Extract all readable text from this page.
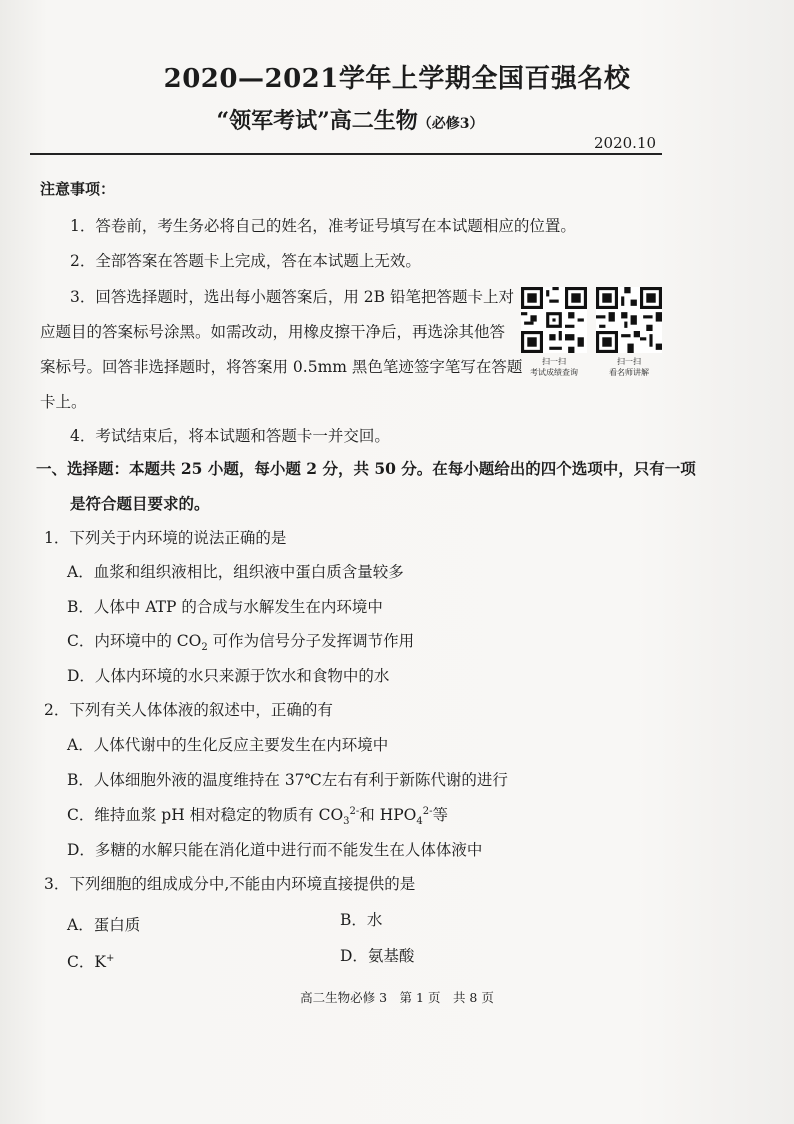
2020—2021学年上学期全国百强名校
“领军考试”高二生物（必修3）
2020.10
注意事项：
1．答卷前，考生务必将自己的姓名，准考证号填写在本试题相应的位置。
2．全部答案在答题卡上完成，答在本试题上无效。
3．回答选择题时，选出每小题答案后，用 2B 铅笔把答题卡上对
应题目的答案标号涂黑。如需改动，用橡皮擦干净后，再选涂其他答
案标号。回答非选择题时，将答案用 0.5mm 黑色笔迹签字笔写在答题
卡上。
4．考试结束后，将本试题和答题卡一并交回。
扫一扫
考试成绩查询
扫一扫
看名师讲解
一、选择题：本题共 25 小题，每小题 2 分，共 50 分。在每小题给出的四个选项中，只有一项
是符合题目要求的。
1．下列关于内环境的说法正确的是
A．血浆和组织液相比，组织液中蛋白质含量较多
B．人体中 ATP 的合成与水解发生在内环境中
C．内环境中的 $CO_2$ 可作为信号分子发挥调节作用
D．人体内环境的水只来源于饮水和食物中的水
2．下列有关人体体液的叙述中，正确的有
A．人体代谢中的生化反应主要发生在内环境中
B．人体细胞外液的温度维持在 37℃左右有利于新陈代谢的进行
C．维持血浆 pH 相对稳定的物质有 $CO_3^{2-}$和 $HPO_4^{2-}$等
D．多糖的水解只能在消化道中进行而不能发生在人体体液中
3．下列细胞的组成成分中,不能由内环境直接提供的是
A．蛋白质	B．水
C．K+	D．氨基酸
高二生物必修 3　第 1 页　共 8 页
